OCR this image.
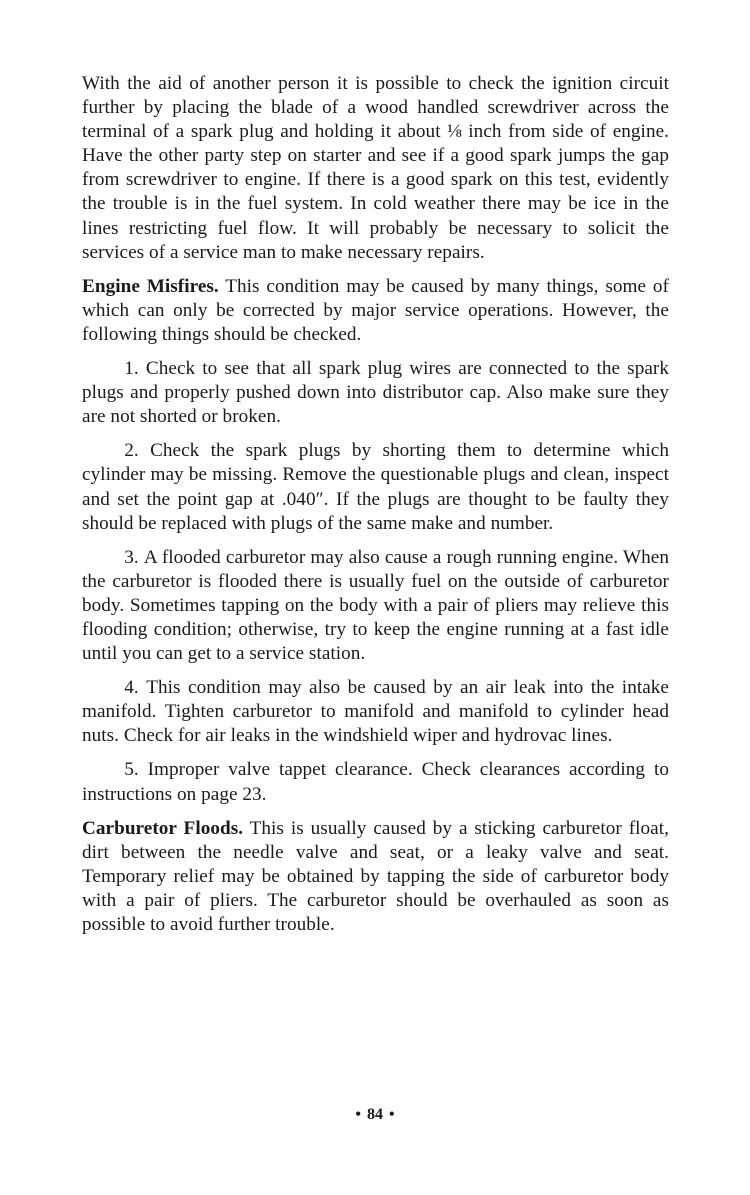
With the aid of another person it is possible to check the ignition circuit further by placing the blade of a wood handled screwdriver across the terminal of a spark plug and holding it about ⅛ inch from side of engine. Have the other party step on starter and see if a good spark jumps the gap from screwdriver to engine. If there is a good spark on this test, evidently the trouble is in the fuel system. In cold weather there may be ice in the lines restricting fuel flow. It will probably be necessary to solicit the services of a service man to make necessary repairs.

Engine Misfires. This condition may be caused by many things, some of which can only be corrected by major service operations. However, the following things should be checked.

1. Check to see that all spark plug wires are connected to the spark plugs and properly pushed down into distributor cap. Also make sure they are not shorted or broken.

2. Check the spark plugs by shorting them to determine which cylinder may be missing. Remove the questionable plugs and clean, inspect and set the point gap at .040″. If the plugs are thought to be faulty they should be replaced with plugs of the same make and number.

3. A flooded carburetor may also cause a rough running engine. When the carburetor is flooded there is usually fuel on the outside of carburetor body. Sometimes tapping on the body with a pair of pliers may relieve this flooding condition; otherwise, try to keep the engine running at a fast idle until you can get to a service station.

4. This condition may also be caused by an air leak into the intake manifold. Tighten carburetor to manifold and manifold to cylinder head nuts. Check for air leaks in the windshield wiper and hydrovac lines.

5. Improper valve tappet clearance. Check clearances according to instructions on page 23.

Carburetor Floods. This is usually caused by a sticking carburetor float, dirt between the needle valve and seat, or a leaky valve and seat. Temporary relief may be obtained by tapping the side of carburetor body with a pair of pliers. The carburetor should be overhauled as soon as possible to avoid further trouble.

• 84 •
